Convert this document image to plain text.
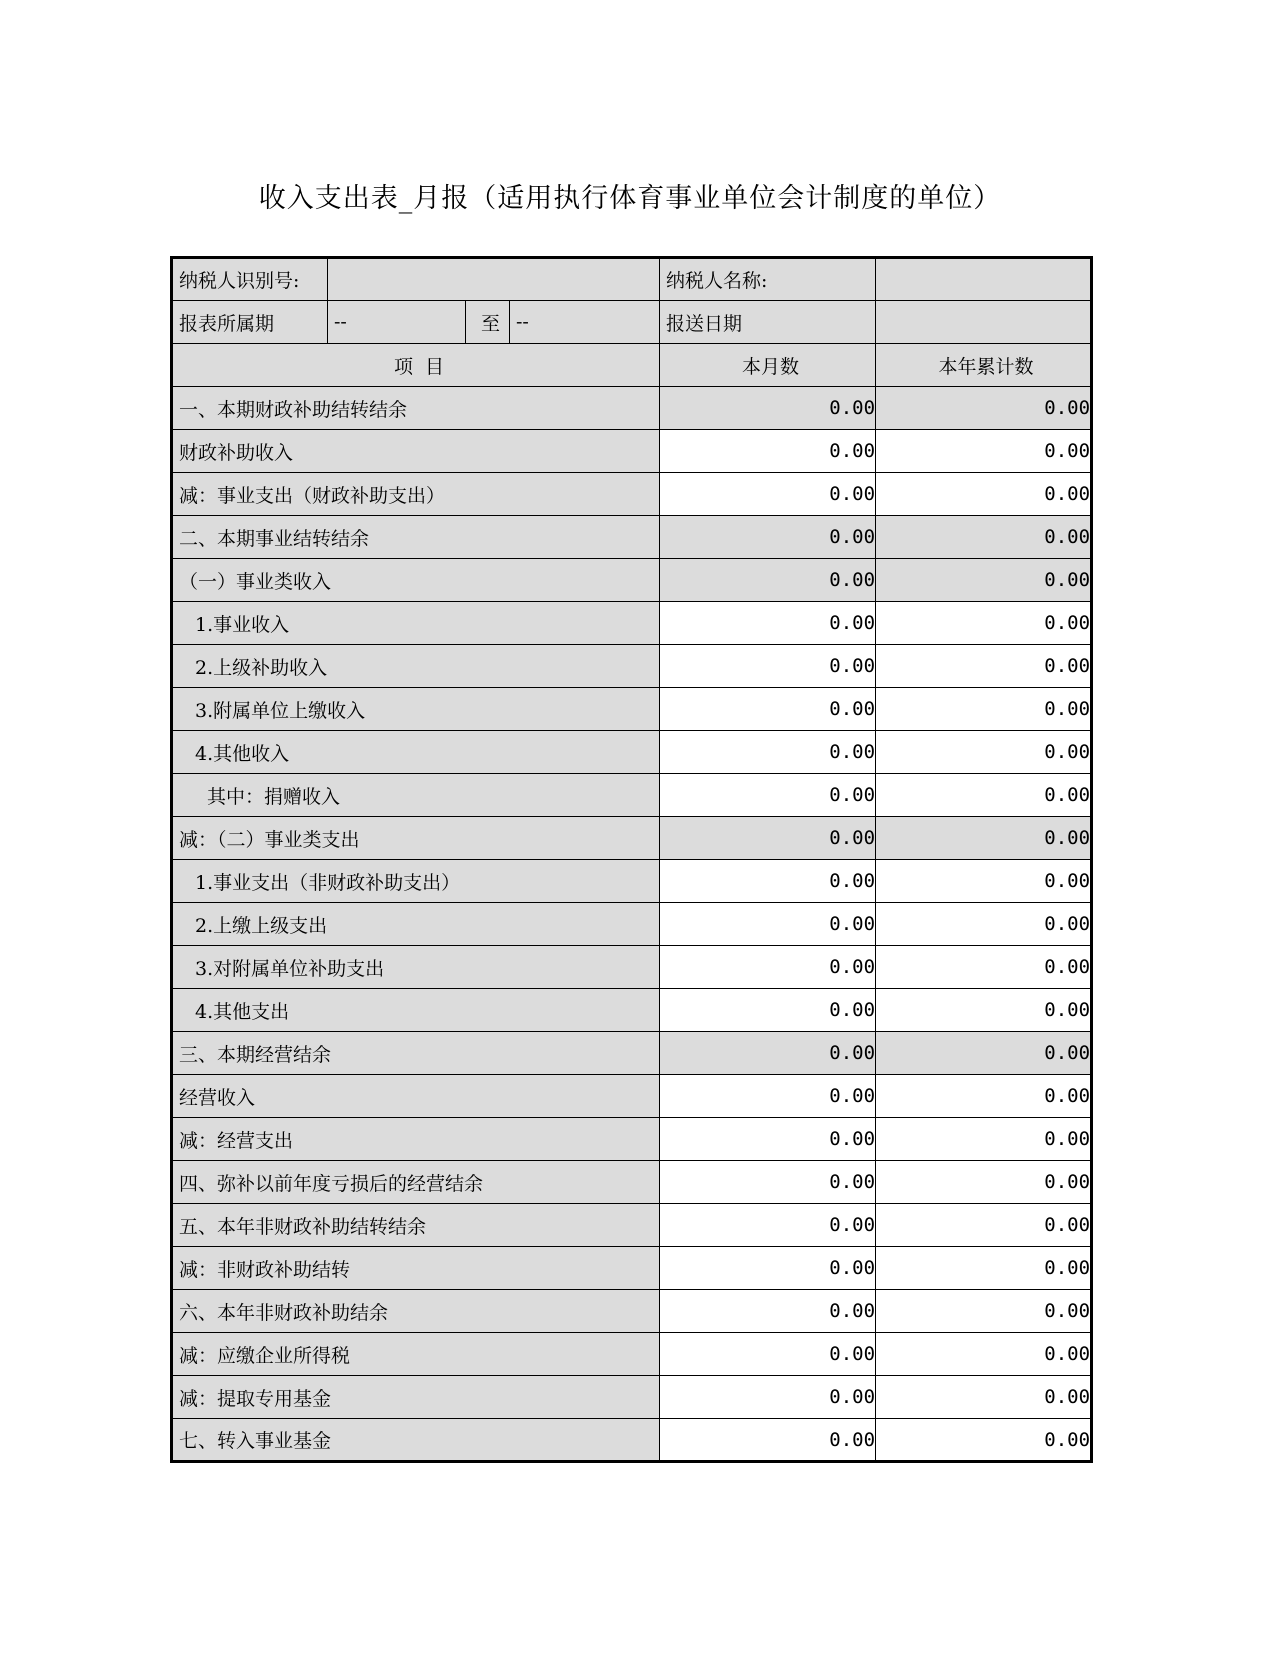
收入支出表_月报（适用执行体育事业单位会计制度的单位）
纳税人识别号:				纳税人名称:	
报表所属期	--	至	--	报送日期	
项  目				本月数	本年累计数
一、本期财政补助结转结余				0.00	0.00
财政补助收入				0.00	0.00
减：事业支出（财政补助支出）				0.00	0.00
二、本期事业结转结余				0.00	0.00
（一）事业类收入				0.00	0.00
1.事业收入				0.00	0.00
2.上级补助收入				0.00	0.00
3.附属单位上缴收入				0.00	0.00
4.其他收入				0.00	0.00
其中：捐赠收入				0.00	0.00
减：（二）事业类支出				0.00	0.00
1.事业支出（非财政补助支出）				0.00	0.00
2.上缴上级支出				0.00	0.00
3.对附属单位补助支出				0.00	0.00
4.其他支出				0.00	0.00
三、本期经营结余				0.00	0.00
经营收入				0.00	0.00
减：经营支出				0.00	0.00
四、弥补以前年度亏损后的经营结余				0.00	0.00
五、本年非财政补助结转结余				0.00	0.00
减：非财政补助结转				0.00	0.00
六、本年非财政补助结余				0.00	0.00
减：应缴企业所得税				0.00	0.00
减：提取专用基金				0.00	0.00
七、转入事业基金				0.00	0.00
